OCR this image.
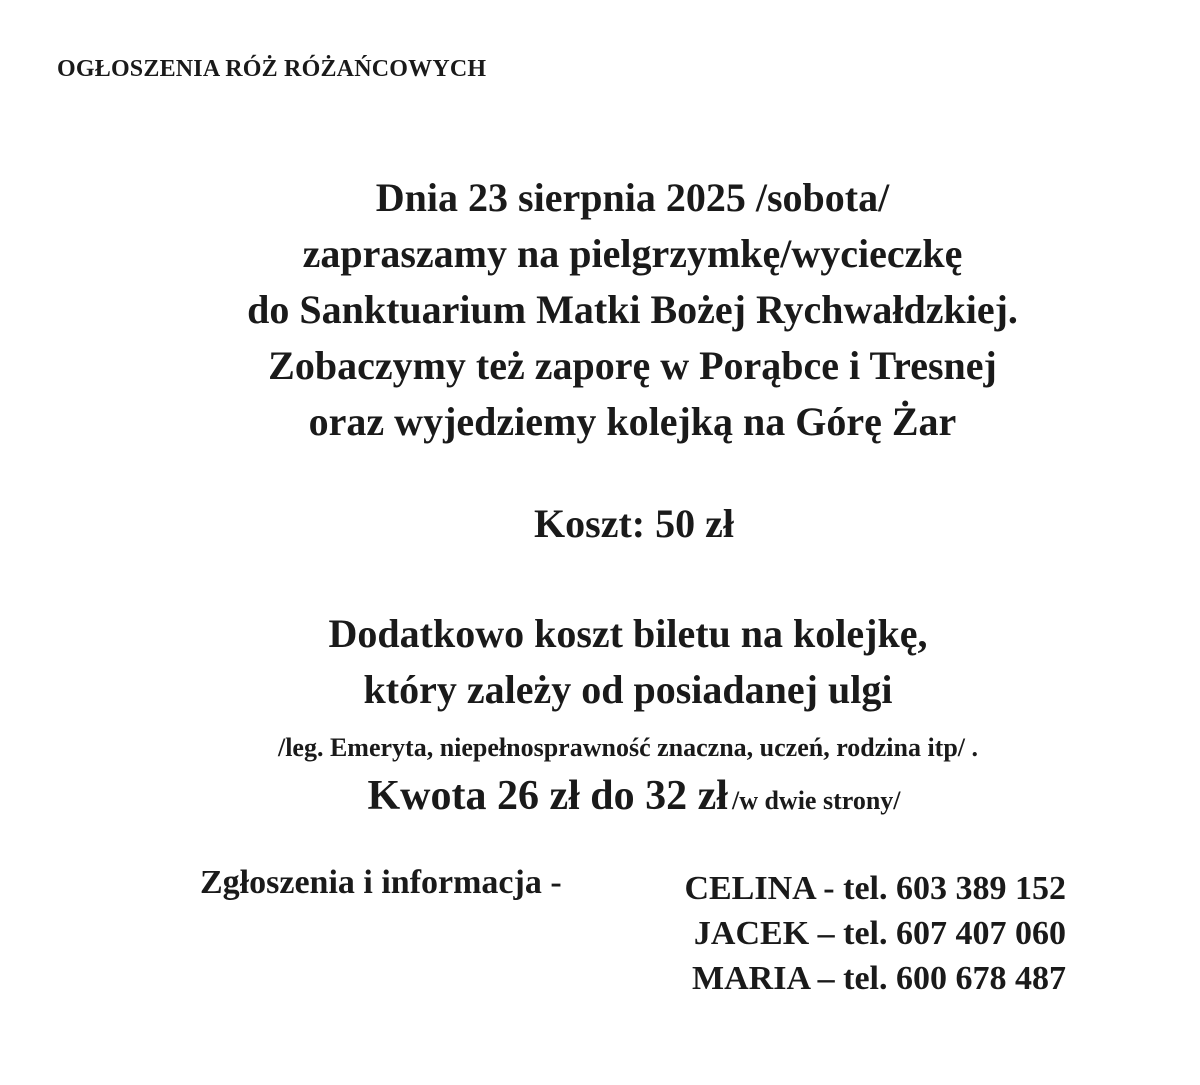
OGŁOSZENIA RÓŻ RÓŻAŃCOWYCH
Dnia 23 sierpnia 2025 /sobota/
zapraszamy na pielgrzymkę/wycieczkę
do Sanktuarium Matki Bożej Rychwałdzkiej.
Zobaczymy też zaporę w Porąbce i Tresnej
oraz wyjedziemy kolejką na Górę Żar
Koszt: 50 zł
Dodatkowo koszt biletu na kolejkę,
który zależy od posiadanej ulgi
/leg. Emeryta, niepełnosprawność znaczna, uczeń, rodzina itp/ .
Kwota 26 zł do 32 zł /w dwie strony/
Zgłoszenia i informacja -	CELINA - tel. 603 389 152
JACEK – tel. 607 407 060
MARIA – tel. 600 678 487
